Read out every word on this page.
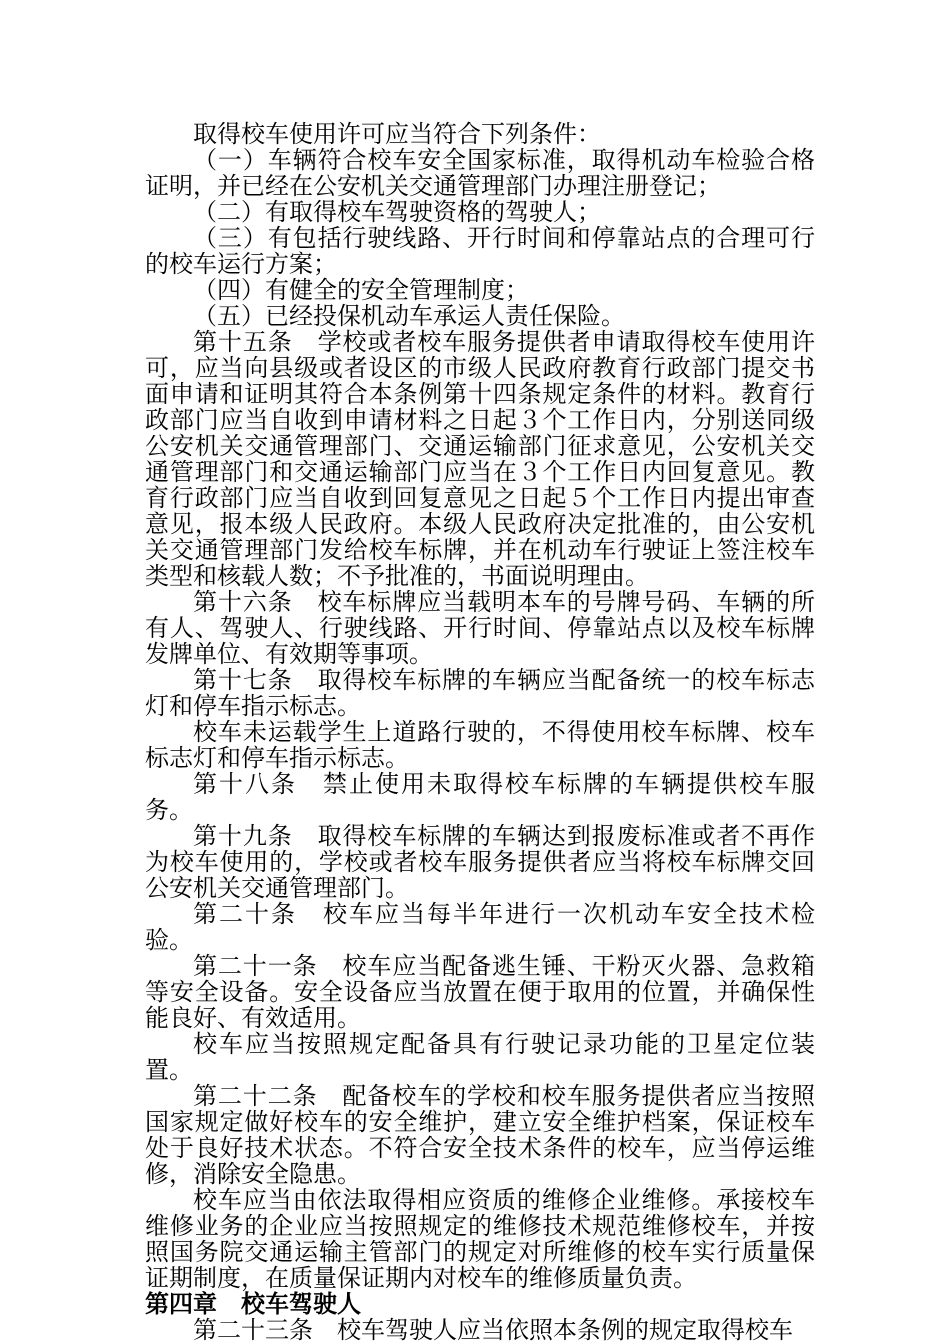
取得校车使用许可应当符合下列条件：

（一）车辆符合校车安全国家标准，取得机动车检验合格证明，并已经在公安机关交通管理部门办理注册登记；

（二）有取得校车驾驶资格的驾驶人；

（三）有包括行驶线路、开行时间和停靠站点的合理可行的校车运行方案；

（四）有健全的安全管理制度；

（五）已经投保机动车承运人责任保险。

第十五条　学校或者校车服务提供者申请取得校车使用许可，应当向县级或者设区的市级人民政府教育行政部门提交书面申请和证明其符合本条例第十四条规定条件的材料。教育行政部门应当自收到申请材料之日起３个工作日内，分别送同级公安机关交通管理部门、交通运输部门征求意见，公安机关交通管理部门和交通运输部门应当在３个工作日内回复意见。教育行政部门应当自收到回复意见之日起５个工作日内提出审查意见，报本级人民政府。本级人民政府决定批准的，由公安机关交通管理部门发给校车标牌，并在机动车行驶证上签注校车类型和核载人数；不予批准的，书面说明理由。

第十六条　校车标牌应当载明本车的号牌号码、车辆的所有人、驾驶人、行驶线路、开行时间、停靠站点以及校车标牌发牌单位、有效期等事项。

第十七条　取得校车标牌的车辆应当配备统一的校车标志灯和停车指示标志。

校车未运载学生上道路行驶的，不得使用校车标牌、校车标志灯和停车指示标志。

第十八条　禁止使用未取得校车标牌的车辆提供校车服务。

第十九条　取得校车标牌的车辆达到报废标准或者不再作为校车使用的，学校或者校车服务提供者应当将校车标牌交回公安机关交通管理部门。

第二十条　校车应当每半年进行一次机动车安全技术检验。

第二十一条　校车应当配备逃生锤、干粉灭火器、急救箱等安全设备。安全设备应当放置在便于取用的位置，并确保性能良好、有效适用。

校车应当按照规定配备具有行驶记录功能的卫星定位装置。

第二十二条　配备校车的学校和校车服务提供者应当按照国家规定做好校车的安全维护，建立安全维护档案，保证校车处于良好技术状态。不符合安全技术条件的校车，应当停运维修，消除安全隐患。

校车应当由依法取得相应资质的维修企业维修。承接校车维修业务的企业应当按照规定的维修技术规范维修校车，并按照国务院交通运输主管部门的规定对所维修的校车实行质量保证期制度，在质量保证期内对校车的维修质量负责。

第四章　校车驾驶人

第二十三条　校车驾驶人应当依照本条例的规定取得校车
